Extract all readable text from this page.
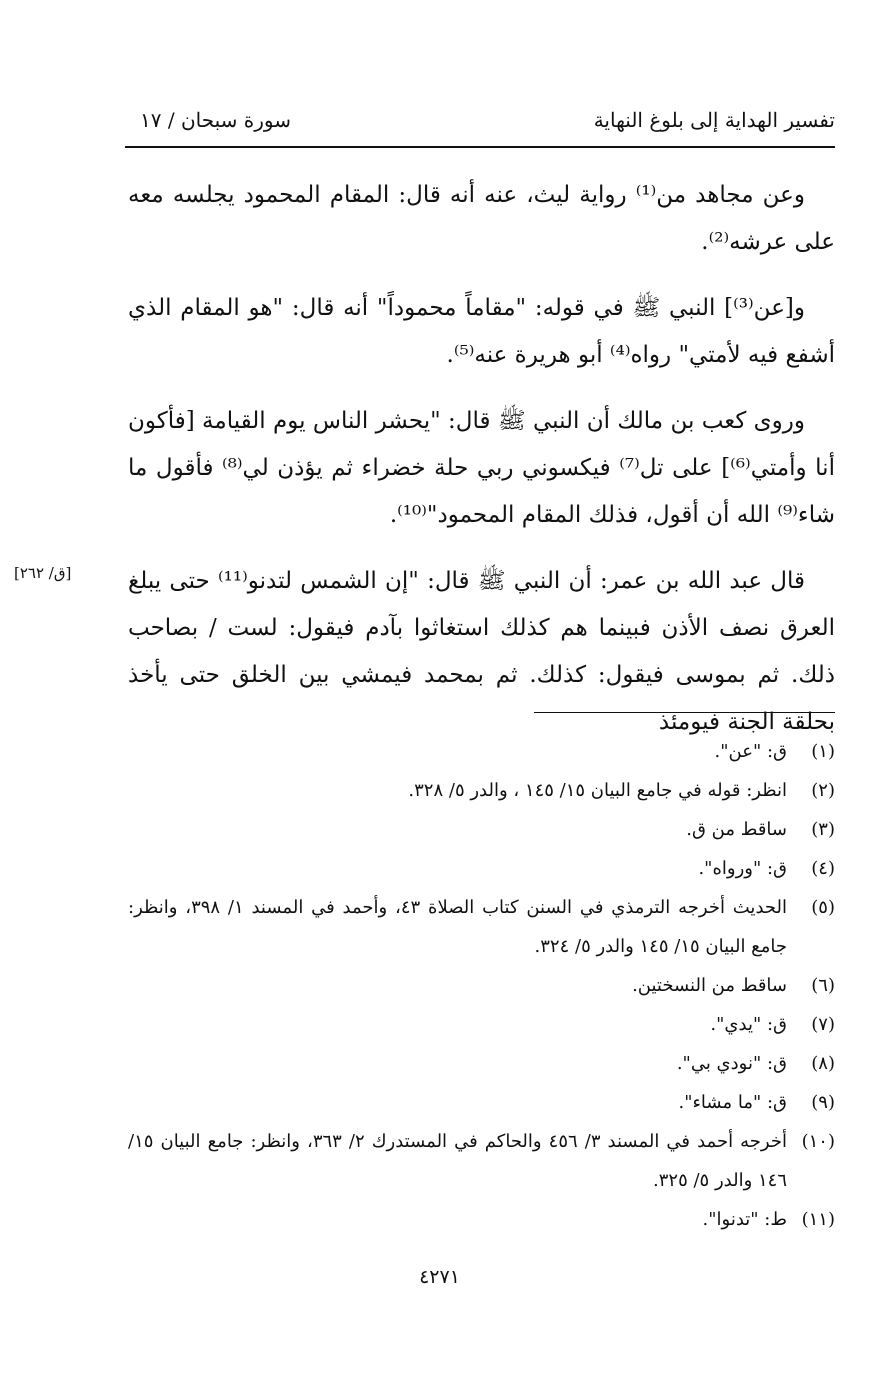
تفسير الهداية إلى بلوغ النهاية
سورة سبحان / ١٧

وعن مجاهد من⁽¹⁾ رواية ليث، عنه أنه قال: المقام المحمود يجلسه معه على عرشه⁽²⁾.

و[عن⁽³⁾] النبي ﷺ في قوله: "مقاماً محموداً" أنه قال: "هو المقام الذي أشفع فيه لأمتي" رواه⁽⁴⁾ أبو هريرة عنه⁽⁵⁾.

وروى كعب بن مالك أن النبي ﷺ قال: "يحشر الناس يوم القيامة [فأكون أنا وأمتي⁽⁶⁾] على تل⁽⁷⁾ فيكسوني ربي حلة خضراء ثم يؤذن لي⁽⁸⁾ فأقول ما شاء⁽⁹⁾ الله أن أقول، فذلك المقام المحمود"⁽¹⁰⁾.

قال عبد الله بن عمر: أن النبي ﷺ قال: "إن الشمس لتدنو⁽¹¹⁾ حتى يبلغ العرق نصف الأذن فبينما هم كذلك استغاثوا بآدم فيقول: لست / بصاحب ذلك. ثم بموسى فيقول: كذلك. ثم بمحمد فيمشي بين الخلق حتى يأخذ بحلقة الجنة فيومئذ

[ق/ ٢٦٢]
(١)
ق: "عن".
(٢)
انظر: قوله في جامع البيان ١٥/ ١٤٥ ، والدر ٥/ ٣٢٨.
(٣)
ساقط من ق.
(٤)
ق: "ورواه".
(٥)
الحديث أخرجه الترمذي في السنن كتاب الصلاة ٤٣، وأحمد في المسند ١/ ٣٩٨، وانظر: جامع البيان ١٥/ ١٤٥ والدر ٥/ ٣٢٤.
(٦)
ساقط من النسختين.
(٧)
ق: "يدي".
(٨)
ق: "نودي بي".
(٩)
ق: "ما مشاء".
(١٠)
أخرجه أحمد في المسند ٣/ ٤٥٦ والحاكم في المستدرك ٢/ ٣٦٣، وانظر: جامع البيان ١٥/ ١٤٦ والدر ٥/ ٣٢٥.
(١١)
ط: "تدنوا".
٤٢٧١
